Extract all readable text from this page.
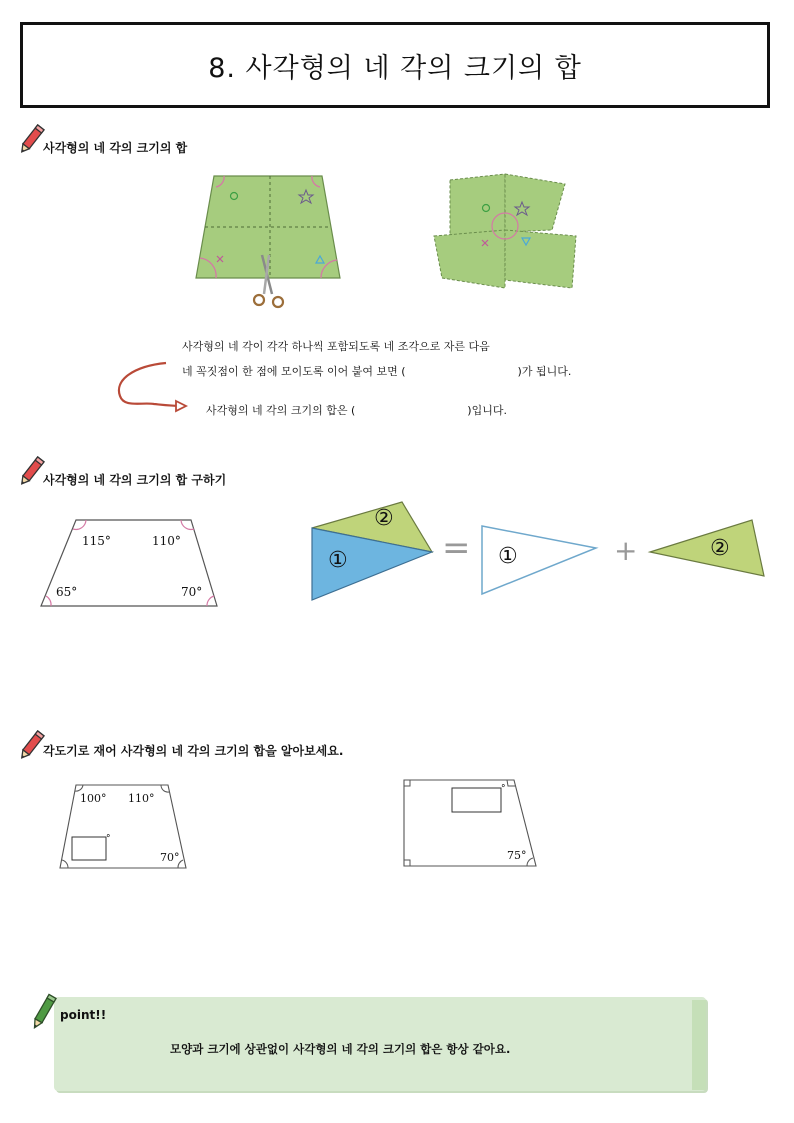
8. 사각형의 네 각의 크기의 합
사각형의 네 각의 크기의 합
사각형의 네 각이 각각 하나씩 포함되도록 네 조각으로 자른 다음
네 꼭짓점이 한 점에 모이도록 이어 붙여 보면 (	)가 됩니다.
사각형의 네 각의 크기의 합은 (	)입니다.
사각형의 네 각의 크기의 합 구하기
115°	110°
65°	70°
②
①	= ①	+	②
각도기로 재어 사각형의 네 각의 크기의 합을 알아보세요.
100° 110°
°
70°
°
75°
point!!
모양과 크기에 상관없이 사각형의 네 각의 크기의 합은 항상 같아요.
